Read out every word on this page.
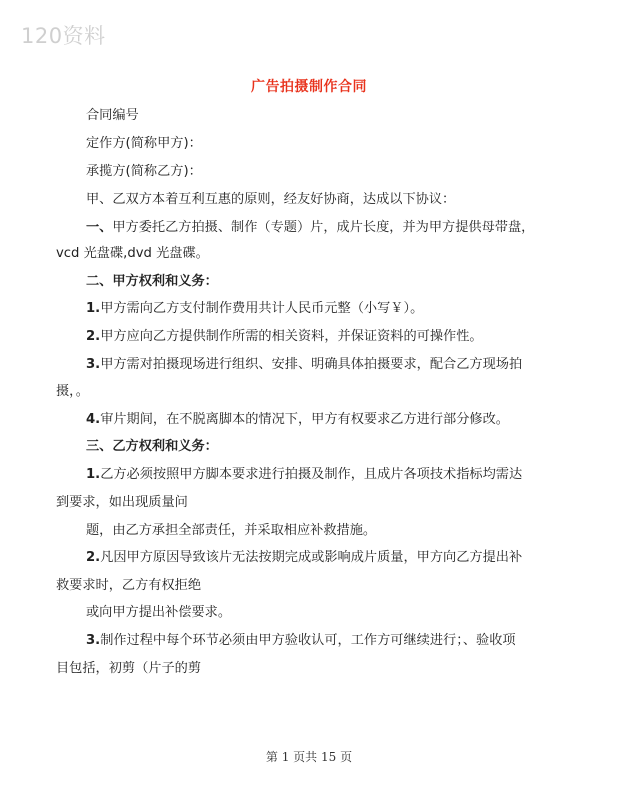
120资料
广告拍摄制作合同
合同编号
定作方(简称甲方)：
承揽方(简称乙方)：
甲、乙双方本着互利互惠的原则，经友好协商，达成以下协议：
一、甲方委托乙方拍摄、制作（专题）片，成片长度，并为甲方提供母带盘，
vcd 光盘碟,dvd 光盘碟。
二、甲方权利和义务：
1.甲方需向乙方支付制作费用共计人民币元整（小写￥）。
2.甲方应向乙方提供制作所需的相关资料，并保证资料的可操作性。
3.甲方需对拍摄现场进行组织、安排、明确具体拍摄要求，配合乙方现场拍
摄，。
4.审片期间，在不脱离脚本的情况下，甲方有权要求乙方进行部分修改。
三、乙方权利和义务：
1.乙方必须按照甲方脚本要求进行拍摄及制作，且成片各项技术指标均需达
到要求，如出现质量问
题，由乙方承担全部责任，并采取相应补救措施。
2.凡因甲方原因导致该片无法按期完成或影响成片质量，甲方向乙方提出补
救要求时，乙方有权拒绝
或向甲方提出补偿要求。
3.制作过程中每个环节必须由甲方验收认可，工作方可继续进行；、验收项
目包括，初剪（片子的剪
第 1 页共 15 页
